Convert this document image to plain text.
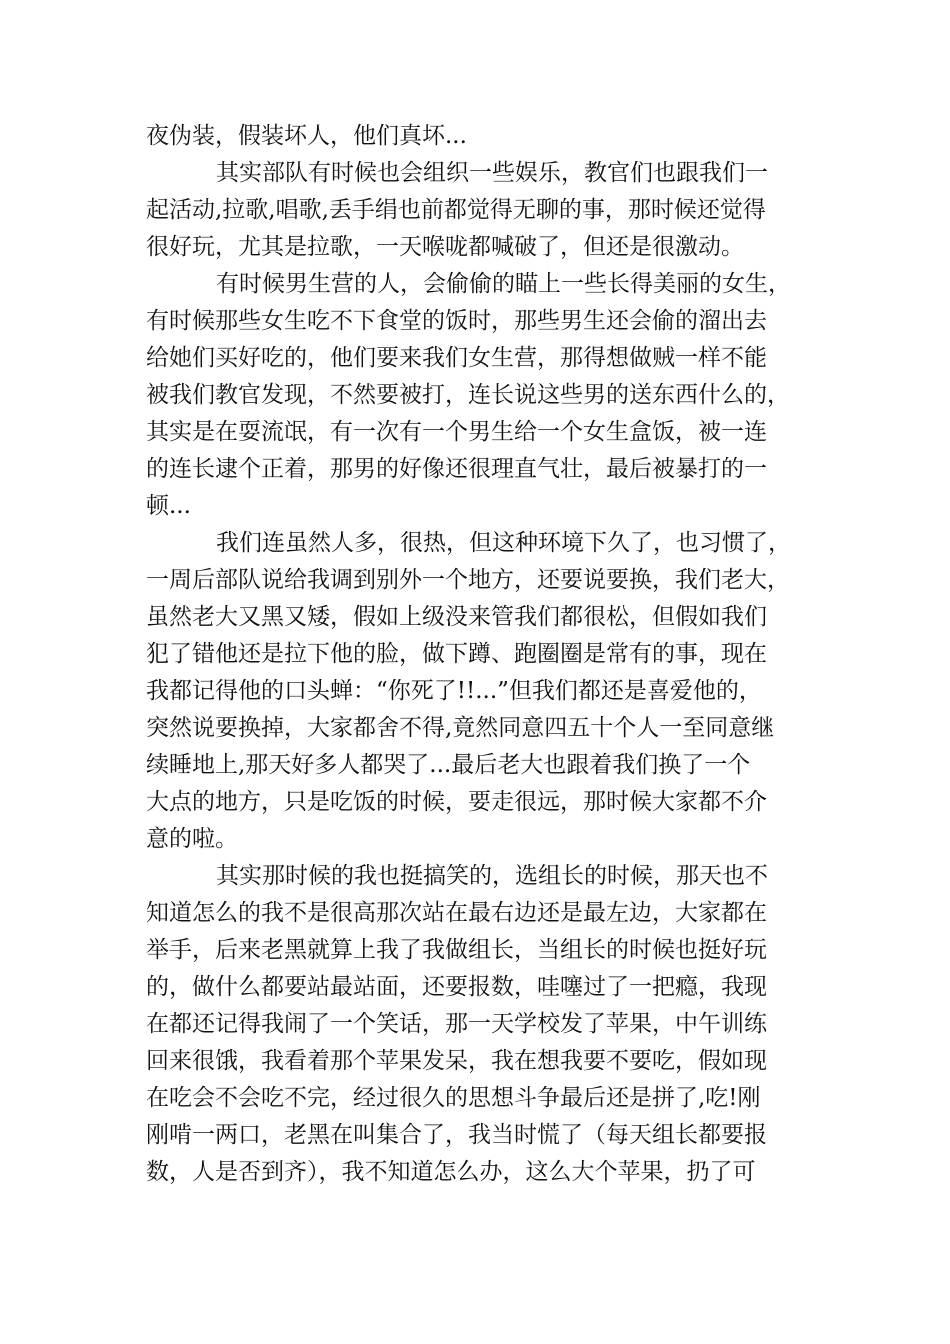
夜伪装，假装坏人，他们真坏...
其实部队有时候也会组织一些娱乐，教官们也跟我们一
起活动,拉歌,唱歌,丢手绢也前都觉得无聊的事，那时候还觉得
很好玩，尤其是拉歌，一天喉咙都喊破了，但还是很激动。
有时候男生营的人，会偷偷的瞄上一些长得美丽的女生，
有时候那些女生吃不下食堂的饭时，那些男生还会偷的溜出去
给她们买好吃的，他们要来我们女生营，那得想做贼一样不能
被我们教官发现，不然要被打，连长说这些男的送东西什么的，
其实是在耍流氓，有一次有一个男生给一个女生盒饭，被一连
的连长逮个正着，那男的好像还很理直气壮，最后被暴打的一
顿...
我们连虽然人多，很热，但这种环境下久了，也习惯了，
一周后部队说给我调到别外一个地方，还要说要换，我们老大，
虽然老大又黑又矮，假如上级没来管我们都很松，但假如我们
犯了错他还是拉下他的脸，做下蹲、跑圈圈是常有的事，现在
我都记得他的口头蝉：“你死了!!...”但我们都还是喜爱他的，
突然说要换掉，大家都舍不得,竟然同意四五十个人一至同意继
续睡地上,那天好多人都哭了...最后老大也跟着我们换了一个
大点的地方，只是吃饭的时候，要走很远，那时候大家都不介
意的啦。
其实那时候的我也挺搞笑的，选组长的时候，那天也不
知道怎么的我不是很高那次站在最右边还是最左边，大家都在
举手，后来老黑就算上我了我做组长，当组长的时候也挺好玩
的，做什么都要站最站面，还要报数，哇噻过了一把瘾，我现
在都还记得我闹了一个笑话，那一天学校发了苹果，中午训练
回来很饿，我看着那个苹果发呆，我在想我要不要吃，假如现
在吃会不会吃不完，经过很久的思想斗争最后还是拼了,吃!刚
刚啃一两口，老黑在叫集合了，我当时慌了（每天组长都要报
数，人是否到齐），我不知道怎么办，这么大个苹果，扔了可
